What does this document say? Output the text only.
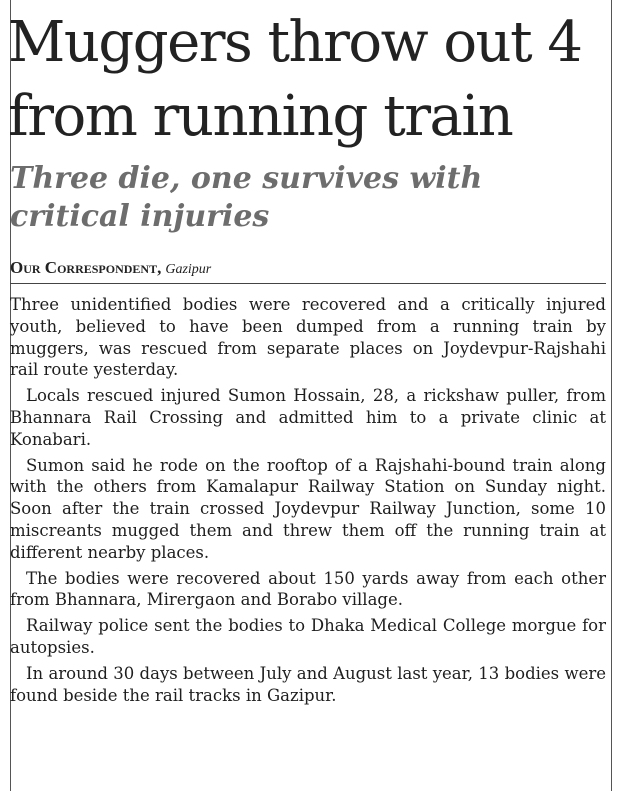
Muggers throw out 4 from running train
Three die, one survives with critical injuries
Our Correspondent, Gazipur

Three unidentified bodies were recovered and a critically injured youth, believed to have been dumped from a running train by muggers, was rescued from separate places on Joydevpur-Rajshahi rail route yesterday.

Locals rescued injured Sumon Hossain, 28, a rickshaw puller, from Bhannara Rail Crossing and admitted him to a private clinic at Konabari.

Sumon said he rode on the rooftop of a Rajshahi-bound train along with the others from Kamalapur Railway Station on Sunday night. Soon after the train crossed Joydevpur Railway Junction, some 10 miscreants mugged them and threw them off the running train at different nearby places.

The bodies were recovered about 150 yards away from each other from Bhannara, Mirergaon and Borabo village.

Railway police sent the bodies to Dhaka Medical College morgue for autopsies.

In around 30 days between July and August last year, 13 bodies were found beside the rail tracks in Gazipur.
